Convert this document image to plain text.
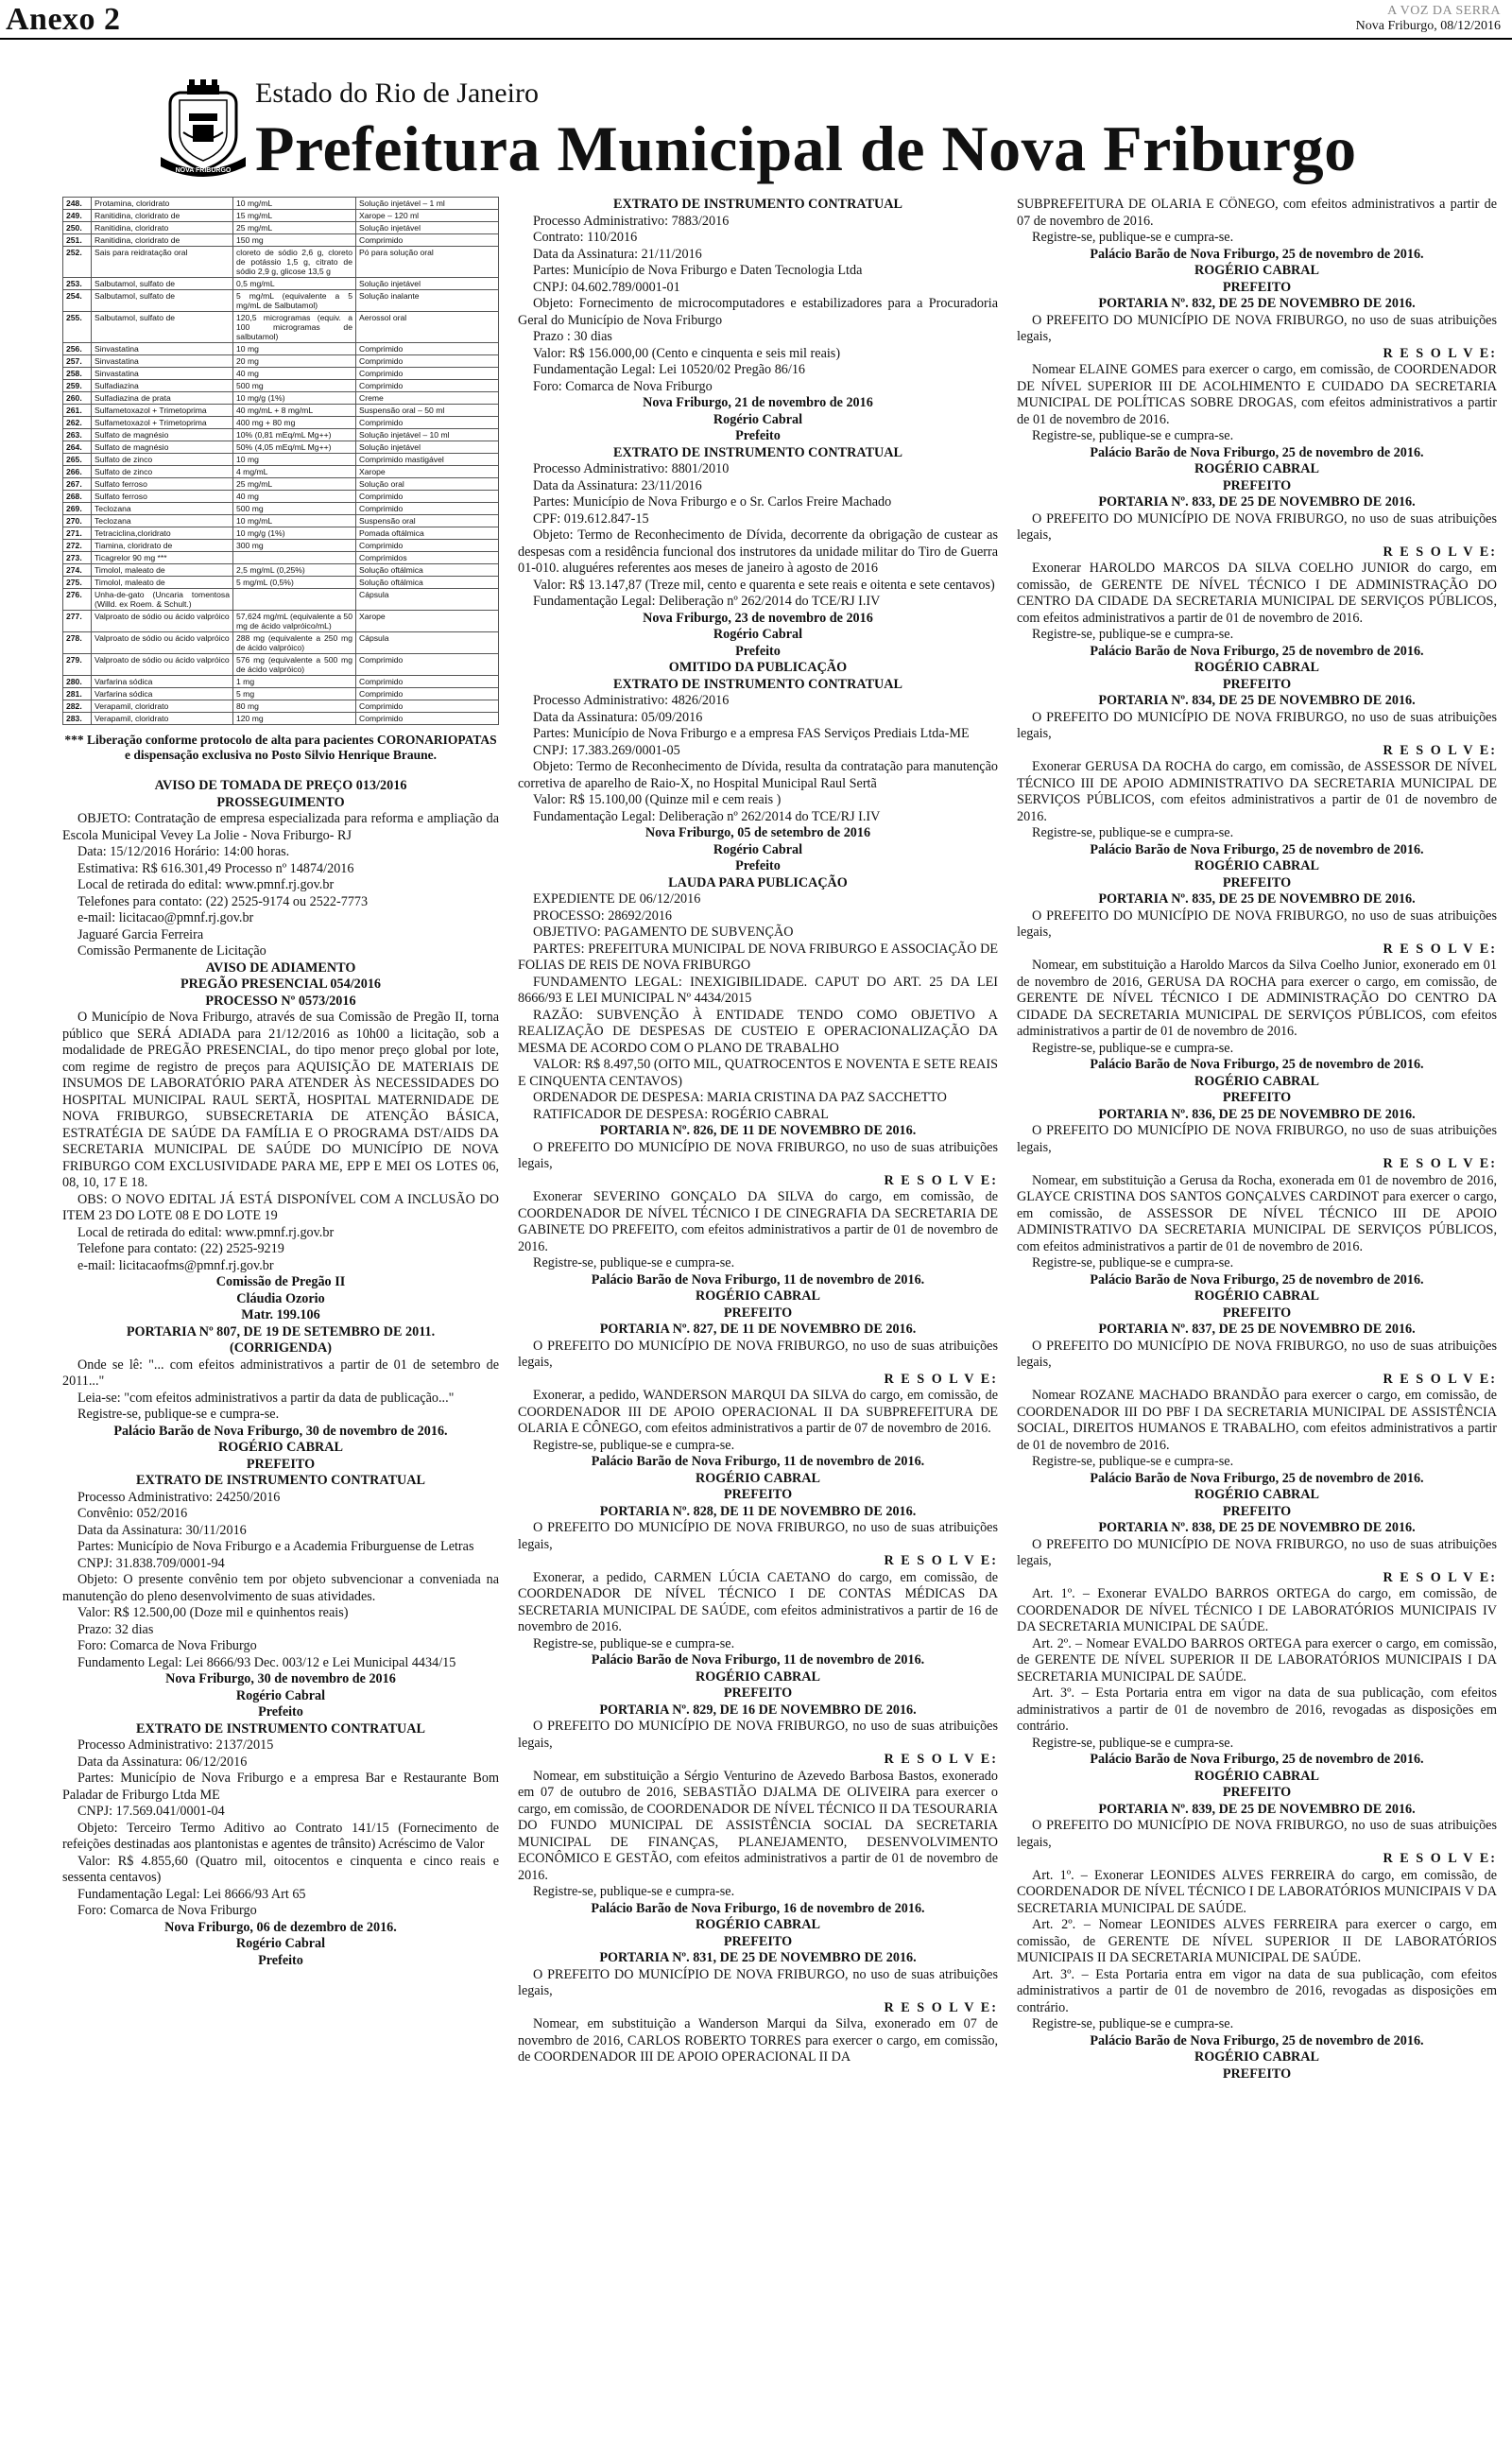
Anexo 2	A VOZ DA SERRA
Nova Friburgo, 08/12/2016
NOVA FRIBURGO
Estado do Rio de Janeiro
Prefeitura Municipal de Nova Friburgo
248.	Protamina, cloridrato	10 mg/mL	Solução injetável – 1 ml
249.	Ranitidina, cloridrato de	15 mg/mL	Xarope – 120 ml
250.	Ranitidina, cloridrato	25 mg/mL	Solução injetável
251.	Ranitidina, cloridrato de	150 mg	Comprimido
252.	Sais para reidratação oral	cloreto de sódio 2,6 g, cloreto de potássio 1,5 g, citrato de sódio 2,9 g, glicose 13,5 g	Pó para solução oral
253.	Salbutamol, sulfato de	0,5 mg/mL	Solução injetável
254.	Salbutamol, sulfato de	5 mg/mL (equivalente a 5 mg/mL de Salbutamol)	Solução inalante
255.	Salbutamol, sulfato de	120,5 microgramas (equiv. a 100 microgramas de salbutamol)	Aerossol oral
256.	Sinvastatina	10 mg	Comprimido
257.	Sinvastatina	20 mg	Comprimido
258.	Sinvastatina	40 mg	Comprimido
259.	Sulfadiazina	500 mg	Comprimido
260.	Sulfadiazina de prata	10 mg/g (1%)	Creme
261.	Sulfametoxazol + Trimetoprima	40 mg/mL + 8 mg/mL	Suspensão oral – 50 ml
262.	Sulfametoxazol + Trimetoprima	400 mg + 80 mg	Comprimido
263.	Sulfato de magnésio	10% (0,81 mEq/mL Mg++)	Solução injetável – 10 ml
264.	Sulfato de magnésio	50% (4,05 mEq/mL Mg++)	Solução injetável
265.	Sulfato de zinco	10 mg	Comprimido mastigável
266.	Sulfato de zinco	4 mg/mL	Xarope
267.	Sulfato ferroso	25 mg/mL	Solução oral
268.	Sulfato ferroso	40 mg	Comprimido
269.	Teclozana	500 mg	Comprimido
270.	Teclozana	10 mg/mL	Suspensão oral
271.	Tetraciclina,cloridrato	10 mg/g (1%)	Pomada oftálmica
272.	Tiamina, cloridrato de	300 mg	Comprimido
273.	Ticagrelor 90 mg ***		Comprimidos
274.	Timolol, maleato de	2,5 mg/mL (0,25%)	Solução oftálmica
275.	Timolol, maleato de	5 mg/mL (0,5%)	Solução oftálmica
276.	Unha-de-gato (Uncaria tomentosa (Willd. ex Roem. & Schult.)		Cápsula
277.	Valproato de sódio ou ácido valpróico	57,624 mg/mL (equivalente a 50 mg de ácido valpróico/mL)	Xarope
278.	Valproato de sódio ou ácido valpróico	288 mg (equivalente a 250 mg de ácido valpróico)	Cápsula
279.	Valproato de sódio ou ácido valpróico	576 mg (equivalente a 500 mg de ácido valpróico)	Comprimido
280.	Varfarina sódica	1 mg	Comprimido
281.	Varfarina sódica	5 mg	Comprimido
282.	Verapamil, cloridrato	80 mg	Comprimido
283.	Verapamil, cloridrato	120 mg	Comprimido
*** Liberação conforme protocolo de alta para pacientes CORONARIOPATAS e dispensação exclusiva no Posto Silvio Henrique Braune.

AVISO DE TOMADA DE PREÇO 013/2016

PROSSEGUIMENTO

OBJETO: Contratação de empresa especializada para reforma e ampliação da Escola Municipal Vevey La Jolie - Nova Friburgo- RJ

Data: 15/12/2016 Horário: 14:00 horas.

Estimativa: R$ 616.301,49 Processo nº 14874/2016

Local de retirada do edital: www.pmnf.rj.gov.br

Telefones para contato: (22) 2525-9174 ou 2522-7773

e-mail: licitacao@pmnf.rj.gov.br

Jaguaré Garcia Ferreira

Comissão Permanente de Licitação

AVISO DE ADIAMENTO

PREGÃO PRESENCIAL 054/2016

PROCESSO Nº 0573/2016

O Município de Nova Friburgo, através de sua Comissão de Pregão II, torna público que SERÁ ADIADA para 21/12/2016 as 10h00 a licitação, sob a modalidade de PREGÃO PRESENCIAL, do tipo menor preço global por lote, com regime de registro de preços para AQUISIÇÃO DE MATERIAIS DE INSUMOS DE LABORATÓRIO PARA ATENDER ÀS NECESSIDADES DO HOSPITAL MUNICIPAL RAUL SERTÃ, HOSPITAL MATERNIDADE DE NOVA FRIBURGO, SUBSECRETARIA DE ATENÇÃO BÁSICA, ESTRATÉGIA DE SAÚDE DA FAMÍLIA E O PROGRAMA DST/AIDS DA SECRETARIA MUNICIPAL DE SAÚDE DO MUNICÍPIO DE NOVA FRIBURGO COM EXCLUSIVIDADE PARA ME, EPP E MEI OS LOTES 06, 08, 10, 17 E 18.

OBS: O NOVO EDITAL JÁ ESTÁ DISPONÍVEL COM A INCLUSÃO DO ITEM 23 DO LOTE 08 E DO LOTE 19

Local de retirada do edital: www.pmnf.rj.gov.br

Telefone para contato: (22) 2525-9219

e-mail: licitacaofms@pmnf.rj.gov.br

Comissão de Pregão II

Cláudia Ozorio

Matr. 199.106

PORTARIA Nº 807, DE 19 DE SETEMBRO DE 2011.

(CORRIGENDA)

Onde se lê: "... com efeitos administrativos a partir de 01 de setembro de 2011..."

Leia-se: "com efeitos administrativos a partir da data de publicação..."

Registre-se, publique-se e cumpra-se.

Palácio Barão de Nova Friburgo, 30 de novembro de 2016.

ROGÉRIO CABRAL

PREFEITO

EXTRATO DE INSTRUMENTO CONTRATUAL

Processo Administrativo: 24250/2016

Convênio: 052/2016

Data da Assinatura: 30/11/2016

Partes: Município de Nova Friburgo e a Academia Friburguense de Letras

CNPJ: 31.838.709/0001-94

Objeto: O presente convênio tem por objeto subvencionar a conveniada na manutenção do pleno desenvolvimento de suas atividades.

Valor: R$ 12.500,00 (Doze mil e quinhentos reais)

Prazo: 32 dias

Foro: Comarca de Nova Friburgo

Fundamento Legal: Lei 8666/93 Dec. 003/12 e Lei Municipal 4434/15

Nova Friburgo, 30 de novembro de 2016

Rogério Cabral

Prefeito

EXTRATO DE INSTRUMENTO CONTRATUAL

Processo Administrativo: 2137/2015

Data da Assinatura: 06/12/2016

Partes: Município de Nova Friburgo e a empresa Bar e Restaurante Bom Paladar de Friburgo Ltda ME

CNPJ: 17.569.041/0001-04

Objeto: Terceiro Termo Aditivo ao Contrato 141/15 (Fornecimento de refeições destinadas aos plantonistas e agentes de trânsito) Acréscimo de Valor

Valor: R$ 4.855,60 (Quatro mil, oitocentos e cinquenta e cinco reais e sessenta centavos)

Fundamentação Legal: Lei 8666/93 Art 65

Foro: Comarca de Nova Friburgo

Nova Friburgo, 06 de dezembro de 2016.

Rogério Cabral

Prefeito

EXTRATO DE INSTRUMENTO CONTRATUAL

Processo Administrativo: 7883/2016

Contrato: 110/2016

Data da Assinatura: 21/11/2016

Partes: Município de Nova Friburgo e Daten Tecnologia Ltda

CNPJ: 04.602.789/0001-01

Objeto: Fornecimento de microcomputadores e estabilizadores para a Procuradoria Geral do Município de Nova Friburgo

Prazo : 30 dias

Valor: R$ 156.000,00 (Cento e cinquenta e seis mil reais)

Fundamentação Legal: Lei 10520/02 Pregão 86/16

Foro: Comarca de Nova Friburgo

Nova Friburgo, 21 de novembro de 2016

Rogério Cabral

Prefeito

EXTRATO DE INSTRUMENTO CONTRATUAL

Processo Administrativo: 8801/2010

Data da Assinatura: 23/11/2016

Partes: Município de Nova Friburgo e o Sr. Carlos Freire Machado

CPF: 019.612.847-15

Objeto: Termo de Reconhecimento de Dívida, decorrente da obrigação de custear as despesas com a residência funcional dos instrutores da unidade militar do Tiro de Guerra 01-010. aluguéres referentes aos meses de janeiro à agosto de 2016

Valor: R$ 13.147,87 (Treze mil, cento e quarenta e sete reais e oitenta e sete centavos)

Fundamentação Legal: Deliberação nº 262/2014 do TCE/RJ I.IV

Nova Friburgo, 23 de novembro de 2016

Rogério Cabral

Prefeito

OMITIDO DA PUBLICAÇÃO

EXTRATO DE INSTRUMENTO CONTRATUAL

Processo Administrativo: 4826/2016

Data da Assinatura: 05/09/2016

Partes: Município de Nova Friburgo e a empresa FAS Serviços Prediais Ltda-ME

CNPJ: 17.383.269/0001-05

Objeto: Termo de Reconhecimento de Dívida, resulta da contratação para manutenção corretiva de aparelho de Raio-X, no Hospital Municipal Raul Sertã

Valor: R$ 15.100,00 (Quinze mil e cem reais )

Fundamentação Legal: Deliberação nº 262/2014 do TCE/RJ I.IV

Nova Friburgo, 05 de setembro de 2016

Rogério Cabral

Prefeito

LAUDA PARA PUBLICAÇÃO

EXPEDIENTE DE 06/12/2016

PROCESSO: 28692/2016

OBJETIVO: PAGAMENTO DE SUBVENÇÃO

PARTES: PREFEITURA MUNICIPAL DE NOVA FRIBURGO E ASSOCIAÇÃO DE FOLIAS DE REIS DE NOVA FRIBURGO

FUNDAMENTO LEGAL: INEXIGIBILIDADE. CAPUT DO ART. 25 DA LEI 8666/93 E LEI MUNICIPAL Nº 4434/2015

RAZÃO: SUBVENÇÃO À ENTIDADE TENDO COMO OBJETIVO A REALIZAÇÃO DE DESPESAS DE CUSTEIO E OPERACIONALIZAÇÃO DA MESMA DE ACORDO COM O PLANO DE TRABALHO

VALOR: R$ 8.497,50 (OITO MIL, QUATROCENTOS E NOVENTA E SETE REAIS E CINQUENTA CENTAVOS)

ORDENADOR DE DESPESA: MARIA CRISTINA DA PAZ SACCHETTO

RATIFICADOR DE DESPESA: ROGÉRIO CABRAL

PORTARIA Nº. 826, DE 11 DE NOVEMBRO DE 2016.

O PREFEITO DO MUNICÍPIO DE NOVA FRIBURGO, no uso de suas atribuições legais,

R E S O L V E:

Exonerar SEVERINO GONÇALO DA SILVA do cargo, em comissão, de COORDENADOR DE NÍVEL TÉCNICO I DE CINEGRAFIA DA SECRETARIA DE GABINETE DO PREFEITO, com efeitos administrativos a partir de 01 de novembro de 2016.

Registre-se, publique-se e cumpra-se.

Palácio Barão de Nova Friburgo, 11 de novembro de 2016.

ROGÉRIO CABRAL

PREFEITO

PORTARIA Nº. 827, DE 11 DE NOVEMBRO DE 2016.

O PREFEITO DO MUNICÍPIO DE NOVA FRIBURGO, no uso de suas atribuições legais,

R E S O L V E:

Exonerar, a pedido, WANDERSON MARQUI DA SILVA do cargo, em comissão, de COORDENADOR III DE APOIO OPERACIONAL II DA SUBPREFEITURA DE OLARIA E CÔNEGO, com efeitos administrativos a partir de 07 de novembro de 2016.

Registre-se, publique-se e cumpra-se.

Palácio Barão de Nova Friburgo, 11 de novembro de 2016.

ROGÉRIO CABRAL

PREFEITO

PORTARIA Nº. 828, DE 11 DE NOVEMBRO DE 2016.

O PREFEITO DO MUNICÍPIO DE NOVA FRIBURGO, no uso de suas atribuições legais,

R E S O L V E:

Exonerar, a pedido, CARMEN LÚCIA CAETANO do cargo, em comissão, de COORDENADOR DE NÍVEL TÉCNICO I DE CONTAS MÉDICAS DA SECRETARIA MUNICIPAL DE SAÚDE, com efeitos administrativos a partir de 16 de novembro de 2016.

Registre-se, publique-se e cumpra-se.

Palácio Barão de Nova Friburgo, 11 de novembro de 2016.

ROGÉRIO CABRAL

PREFEITO

PORTARIA Nº. 829, DE 16 DE NOVEMBRO DE 2016.

O PREFEITO DO MUNICÍPIO DE NOVA FRIBURGO, no uso de suas atribuições legais,

R E S O L V E:

Nomear, em substituição a Sérgio Venturino de Azevedo Barbosa Bastos, exonerado em 07 de outubro de 2016, SEBASTIÃO DJALMA DE OLIVEIRA para exercer o cargo, em comissão, de COORDENADOR DE NÍVEL TÉCNICO II DA TESOURARIA DO FUNDO MUNICIPAL DE ASSISTÊNCIA SOCIAL DA SECRETARIA MUNICIPAL DE FINANÇAS, PLANEJAMENTO, DESENVOLVIMENTO ECONÔMICO E GESTÃO, com efeitos administrativos a partir de 01 de novembro de 2016.

Registre-se, publique-se e cumpra-se.

Palácio Barão de Nova Friburgo, 16 de novembro de 2016.

ROGÉRIO CABRAL

PREFEITO

PORTARIA Nº. 831, DE 25 DE NOVEMBRO DE 2016.

O PREFEITO DO MUNICÍPIO DE NOVA FRIBURGO, no uso de suas atribuições legais,

R E S O L V E:

Nomear, em substituição a Wanderson Marqui da Silva, exonerado em 07 de novembro de 2016, CARLOS ROBERTO TORRES para exercer o cargo, em comissão, de COORDENADOR III DE APOIO OPERACIONAL II DA

SUBPREFEITURA DE OLARIA E CÔNEGO, com efeitos administrativos a partir de 07 de novembro de 2016.

Registre-se, publique-se e cumpra-se.

Palácio Barão de Nova Friburgo, 25 de novembro de 2016.

ROGÉRIO CABRAL

PREFEITO

PORTARIA Nº. 832, DE 25 DE NOVEMBRO DE 2016.

O PREFEITO DO MUNICÍPIO DE NOVA FRIBURGO, no uso de suas atribuições legais,

R E S O L V E:

Nomear ELAINE GOMES para exercer o cargo, em comissão, de COORDENADOR DE NÍVEL SUPERIOR III DE ACOLHIMENTO E CUIDADO DA SECRETARIA MUNICIPAL DE POLÍTICAS SOBRE DROGAS, com efeitos administrativos a partir de 01 de novembro de 2016.

Registre-se, publique-se e cumpra-se.

Palácio Barão de Nova Friburgo, 25 de novembro de 2016.

ROGÉRIO CABRAL

PREFEITO

PORTARIA Nº. 833, DE 25 DE NOVEMBRO DE 2016.

O PREFEITO DO MUNICÍPIO DE NOVA FRIBURGO, no uso de suas atribuições legais,

R E S O L V E:

Exonerar HAROLDO MARCOS DA SILVA COELHO JUNIOR do cargo, em comissão, de GERENTE DE NÍVEL TÉCNICO I DE ADMINISTRAÇÃO DO CENTRO DA CIDADE DA SECRETARIA MUNICIPAL DE SERVIÇOS PÚBLICOS, com efeitos administrativos a partir de 01 de novembro de 2016.

Registre-se, publique-se e cumpra-se.

Palácio Barão de Nova Friburgo, 25 de novembro de 2016.

ROGÉRIO CABRAL

PREFEITO

PORTARIA Nº. 834, DE 25 DE NOVEMBRO DE 2016.

O PREFEITO DO MUNICÍPIO DE NOVA FRIBURGO, no uso de suas atribuições legais,

R E S O L V E:

Exonerar GERUSA DA ROCHA do cargo, em comissão, de ASSESSOR DE NÍVEL TÉCNICO III DE APOIO ADMINISTRATIVO DA SECRETARIA MUNICIPAL DE SERVIÇOS PÚBLICOS, com efeitos administrativos a partir de 01 de novembro de 2016.

Registre-se, publique-se e cumpra-se.

Palácio Barão de Nova Friburgo, 25 de novembro de 2016.

ROGÉRIO CABRAL

PREFEITO

PORTARIA Nº. 835, DE 25 DE NOVEMBRO DE 2016.

O PREFEITO DO MUNICÍPIO DE NOVA FRIBURGO, no uso de suas atribuições legais,

R E S O L V E:

Nomear, em substituição a Haroldo Marcos da Silva Coelho Junior, exonerado em 01 de novembro de 2016, GERUSA DA ROCHA para exercer o cargo, em comissão, de GERENTE DE NÍVEL TÉCNICO I DE ADMINISTRAÇÃO DO CENTRO DA CIDADE DA SECRETARIA MUNICIPAL DE SERVIÇOS PÚBLICOS, com efeitos administrativos a partir de 01 de novembro de 2016.

Registre-se, publique-se e cumpra-se.

Palácio Barão de Nova Friburgo, 25 de novembro de 2016.

ROGÉRIO CABRAL

PREFEITO

PORTARIA Nº. 836, DE 25 DE NOVEMBRO DE 2016.

O PREFEITO DO MUNICÍPIO DE NOVA FRIBURGO, no uso de suas atribuições legais,

R E S O L V E:

Nomear, em substituição a Gerusa da Rocha, exonerada em 01 de novembro de 2016, GLAYCE CRISTINA DOS SANTOS GONÇALVES CARDINOT para exercer o cargo, em comissão, de ASSESSOR DE NÍVEL TÉCNICO III DE APOIO ADMINISTRATIVO DA SECRETARIA MUNICIPAL DE SERVIÇOS PÚBLICOS, com efeitos administrativos a partir de 01 de novembro de 2016.

Registre-se, publique-se e cumpra-se.

Palácio Barão de Nova Friburgo, 25 de novembro de 2016.

ROGÉRIO CABRAL

PREFEITO

PORTARIA Nº. 837, DE 25 DE NOVEMBRO DE 2016.

O PREFEITO DO MUNICÍPIO DE NOVA FRIBURGO, no uso de suas atribuições legais,

R E S O L V E:

Nomear ROZANE MACHADO BRANDÃO para exercer o cargo, em comissão, de COORDENADOR III DO PBF I DA SECRETARIA MUNICIPAL DE ASSISTÊNCIA SOCIAL, DIREITOS HUMANOS E TRABALHO, com efeitos administrativos a partir de 01 de novembro de 2016.

Registre-se, publique-se e cumpra-se.

Palácio Barão de Nova Friburgo, 25 de novembro de 2016.

ROGÉRIO CABRAL

PREFEITO

PORTARIA Nº. 838, DE 25 DE NOVEMBRO DE 2016.

O PREFEITO DO MUNICÍPIO DE NOVA FRIBURGO, no uso de suas atribuições legais,

R E S O L V E:

Art. 1º. – Exonerar EVALDO BARROS ORTEGA do cargo, em comissão, de COORDENADOR DE NÍVEL TÉCNICO I DE LABORATÓRIOS MUNICIPAIS IV DA SECRETARIA MUNICIPAL DE SAÚDE.

Art. 2º. – Nomear EVALDO BARROS ORTEGA para exercer o cargo, em comissão, de GERENTE DE NÍVEL SUPERIOR II DE LABORATÓRIOS MUNICIPAIS I DA SECRETARIA MUNICIPAL DE SAÚDE.

Art. 3º. – Esta Portaria entra em vigor na data de sua publicação, com efeitos administrativos a partir de 01 de novembro de 2016, revogadas as disposições em contrário.

Registre-se, publique-se e cumpra-se.

Palácio Barão de Nova Friburgo, 25 de novembro de 2016.

ROGÉRIO CABRAL

PREFEITO

PORTARIA Nº. 839, DE 25 DE NOVEMBRO DE 2016.

O PREFEITO DO MUNICÍPIO DE NOVA FRIBURGO, no uso de suas atribuições legais,

R E S O L V E:

Art. 1º. – Exonerar LEONIDES ALVES FERREIRA do cargo, em comissão, de COORDENADOR DE NÍVEL TÉCNICO I DE LABORATÓRIOS MUNICIPAIS V DA SECRETARIA MUNICIPAL DE SAÚDE.

Art. 2º. – Nomear LEONIDES ALVES FERREIRA para exercer o cargo, em comissão, de GERENTE DE NÍVEL SUPERIOR II DE LABORATÓRIOS MUNICIPAIS II DA SECRETARIA MUNICIPAL DE SAÚDE.

Art. 3º. – Esta Portaria entra em vigor na data de sua publicação, com efeitos administrativos a partir de 01 de novembro de 2016, revogadas as disposições em contrário.

Registre-se, publique-se e cumpra-se.

Palácio Barão de Nova Friburgo, 25 de novembro de 2016.

ROGÉRIO CABRAL

PREFEITO
